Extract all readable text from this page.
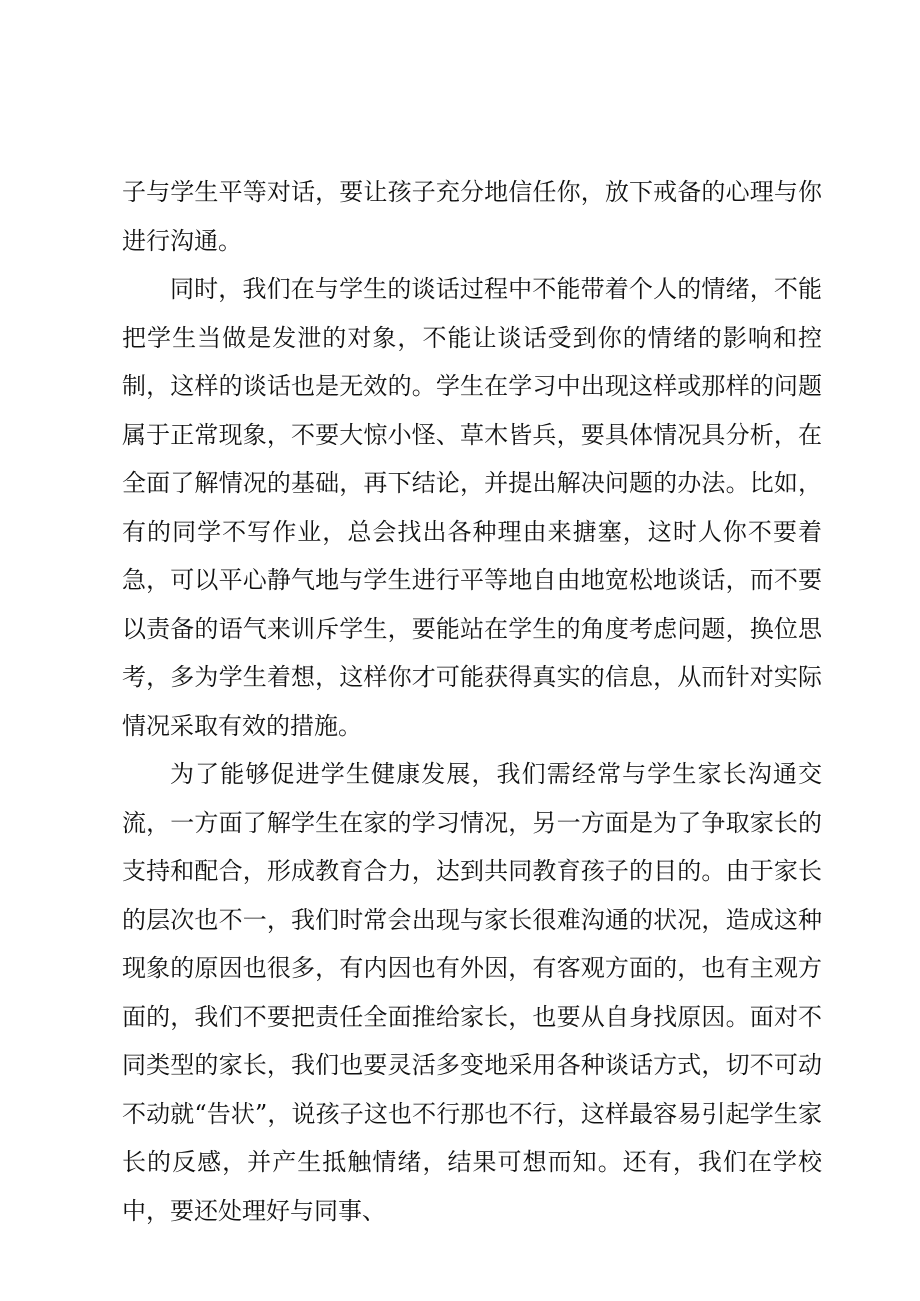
子与学生平等对话，要让孩子充分地信任你，放下戒备的心理与你进行沟通。

同时，我们在与学生的谈话过程中不能带着个人的情绪，不能把学生当做是发泄的对象，不能让谈话受到你的情绪的影响和控制，这样的谈话也是无效的。学生在学习中出现这样或那样的问题属于正常现象，不要大惊小怪、草木皆兵，要具体情况具分析，在全面了解情况的基础，再下结论，并提出解决问题的办法。比如，有的同学不写作业，总会找出各种理由来搪塞，这时人你不要着急，可以平心静气地与学生进行平等地自由地宽松地谈话，而不要以责备的语气来训斥学生，要能站在学生的角度考虑问题，换位思考，多为学生着想，这样你才可能获得真实的信息，从而针对实际情况采取有效的措施。

为了能够促进学生健康发展，我们需经常与学生家长沟通交流，一方面了解学生在家的学习情况，另一方面是为了争取家长的支持和配合，形成教育合力，达到共同教育孩子的目的。由于家长的层次也不一，我们时常会出现与家长很难沟通的状况，造成这种现象的原因也很多，有内因也有外因，有客观方面的，也有主观方面的，我们不要把责任全面推给家长，也要从自身找原因。面对不同类型的家长，我们也要灵活多变地采用各种谈话方式，切不可动不动就“告状”，说孩子这也不行那也不行，这样最容易引起学生家长的反感，并产生抵触情绪，结果可想而知。还有，我们在学校中，要还处理好与同事、
